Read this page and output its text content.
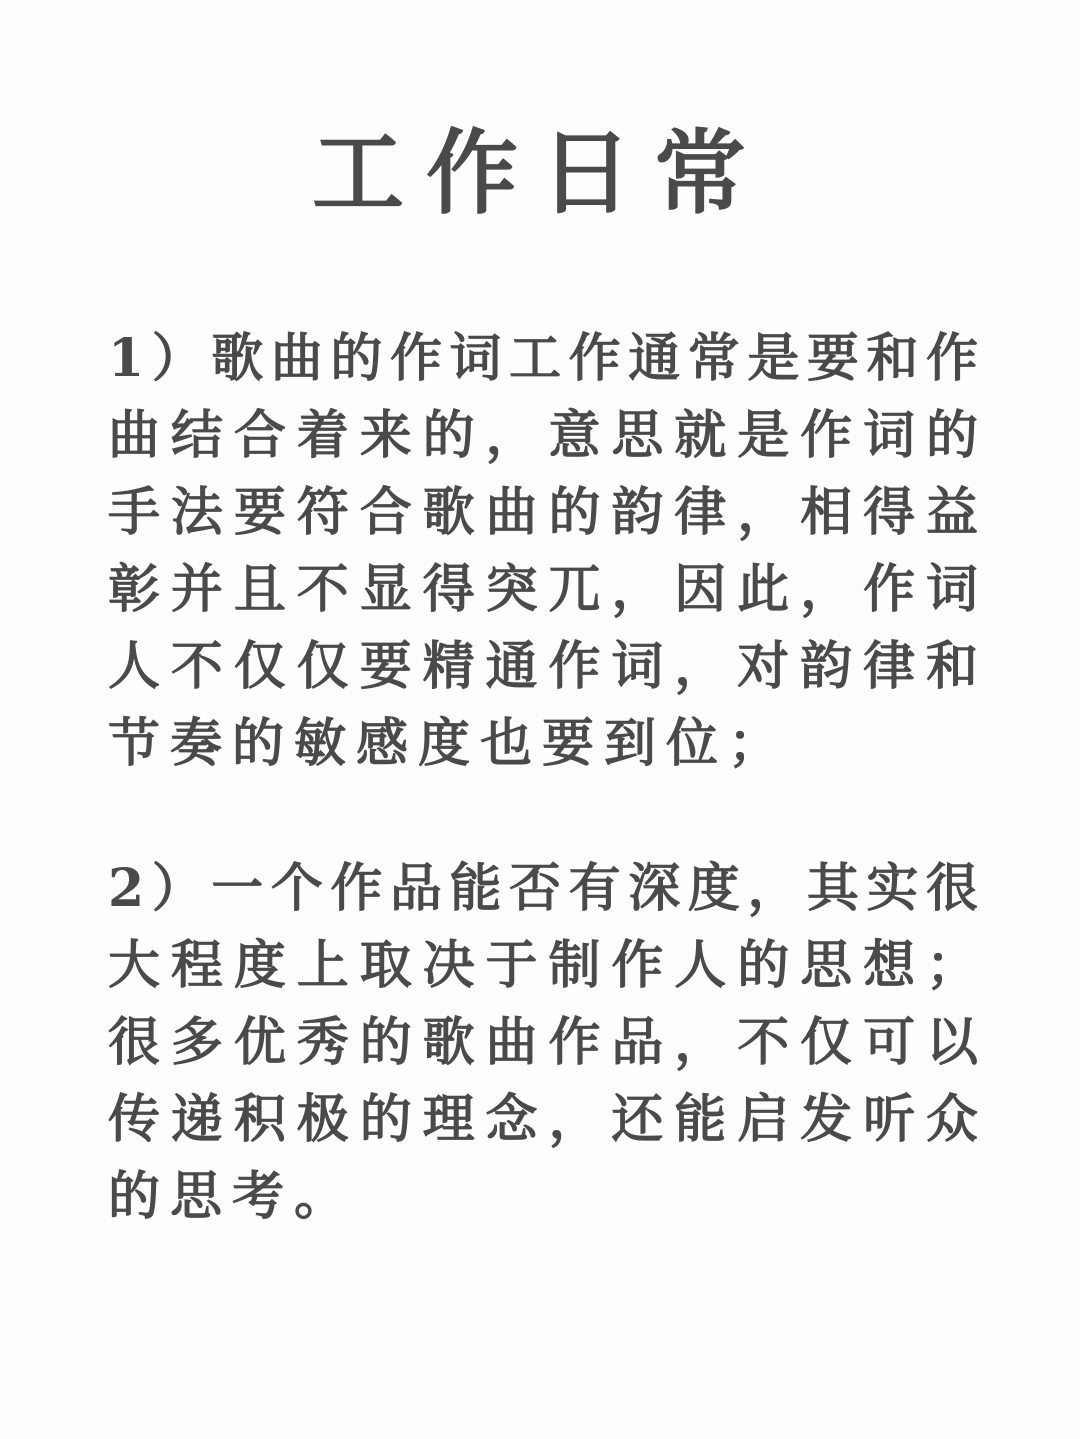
工作日常
1）歌曲的作词工作通常是要和作
曲结合着来的，意思就是作词的
手法要符合歌曲的韵律，相得益
彰并且不显得突兀，因此，作词
人不仅仅要精通作词，对韵律和
节奏的敏感度也要到位；
2）一个作品能否有深度，其实很
大程度上取决于制作人的思想；
很多优秀的歌曲作品，不仅可以
传递积极的理念，还能启发听众
的思考。
